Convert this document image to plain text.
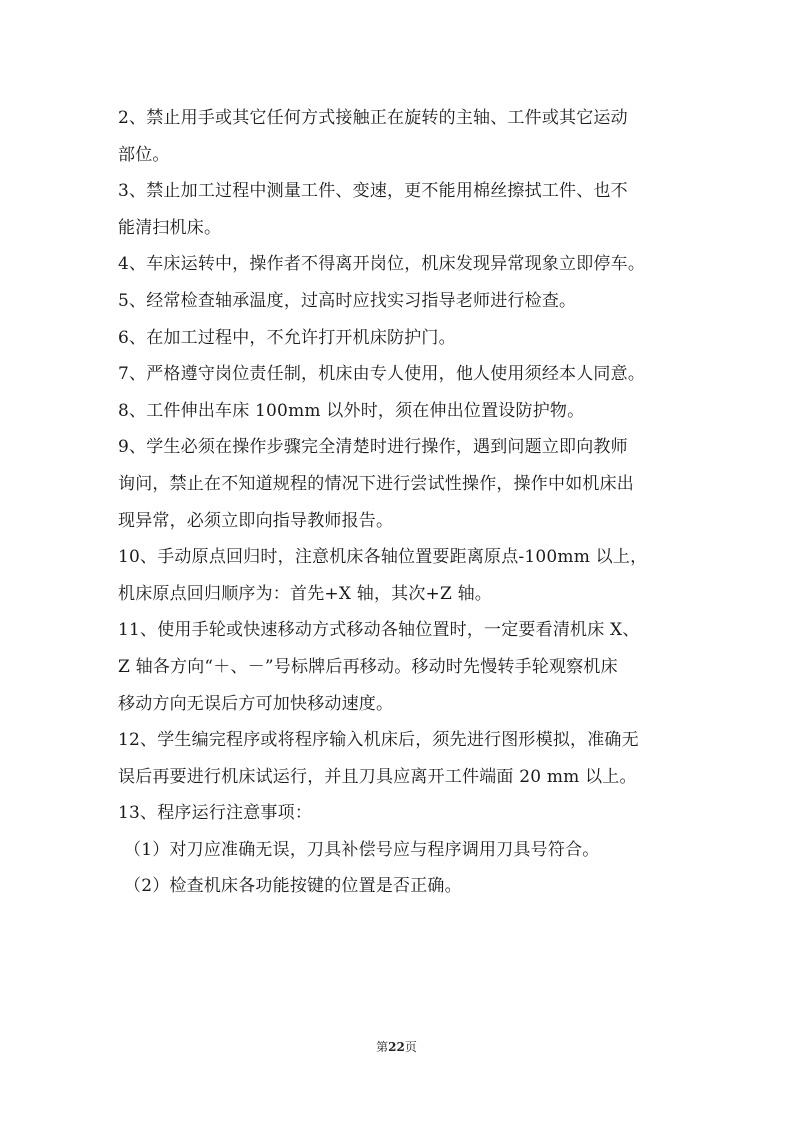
2、禁止用手或其它任何方式接触正在旋转的主轴、工件或其它运动
部位。
3、禁止加工过程中测量工件、变速，更不能用棉丝擦拭工件、也不
能清扫机床。
4、车床运转中，操作者不得离开岗位，机床发现异常现象立即停车。
5、经常检查轴承温度，过高时应找实习指导老师进行检查。
6、在加工过程中，不允许打开机床防护门。
7、严格遵守岗位责任制，机床由专人使用，他人使用须经本人同意。
8、工件伸出车床 100mm 以外时，须在伸出位置设防护物。
9、学生必须在操作步骤完全清楚时进行操作，遇到问题立即向教师
询问，禁止在不知道规程的情况下进行尝试性操作，操作中如机床出
现异常，必须立即向指导教师报告。
10、手动原点回归时，注意机床各轴位置要距离原点-100mm 以上，
机床原点回归顺序为：首先+X 轴，其次+Z 轴。
11、使用手轮或快速移动方式移动各轴位置时，一定要看清机床 X、
Z 轴各方向“＋、－”号标牌后再移动。移动时先慢转手轮观察机床
移动方向无误后方可加快移动速度。
12、学生编完程序或将程序输入机床后，须先进行图形模拟，准确无
误后再要进行机床试运行，并且刀具应离开工件端面 20 mm 以上。
13、程序运行注意事项：
（1）对刀应准确无误，刀具补偿号应与程序调用刀具号符合。
（2）检查机床各功能按键的位置是否正确。
第22页
